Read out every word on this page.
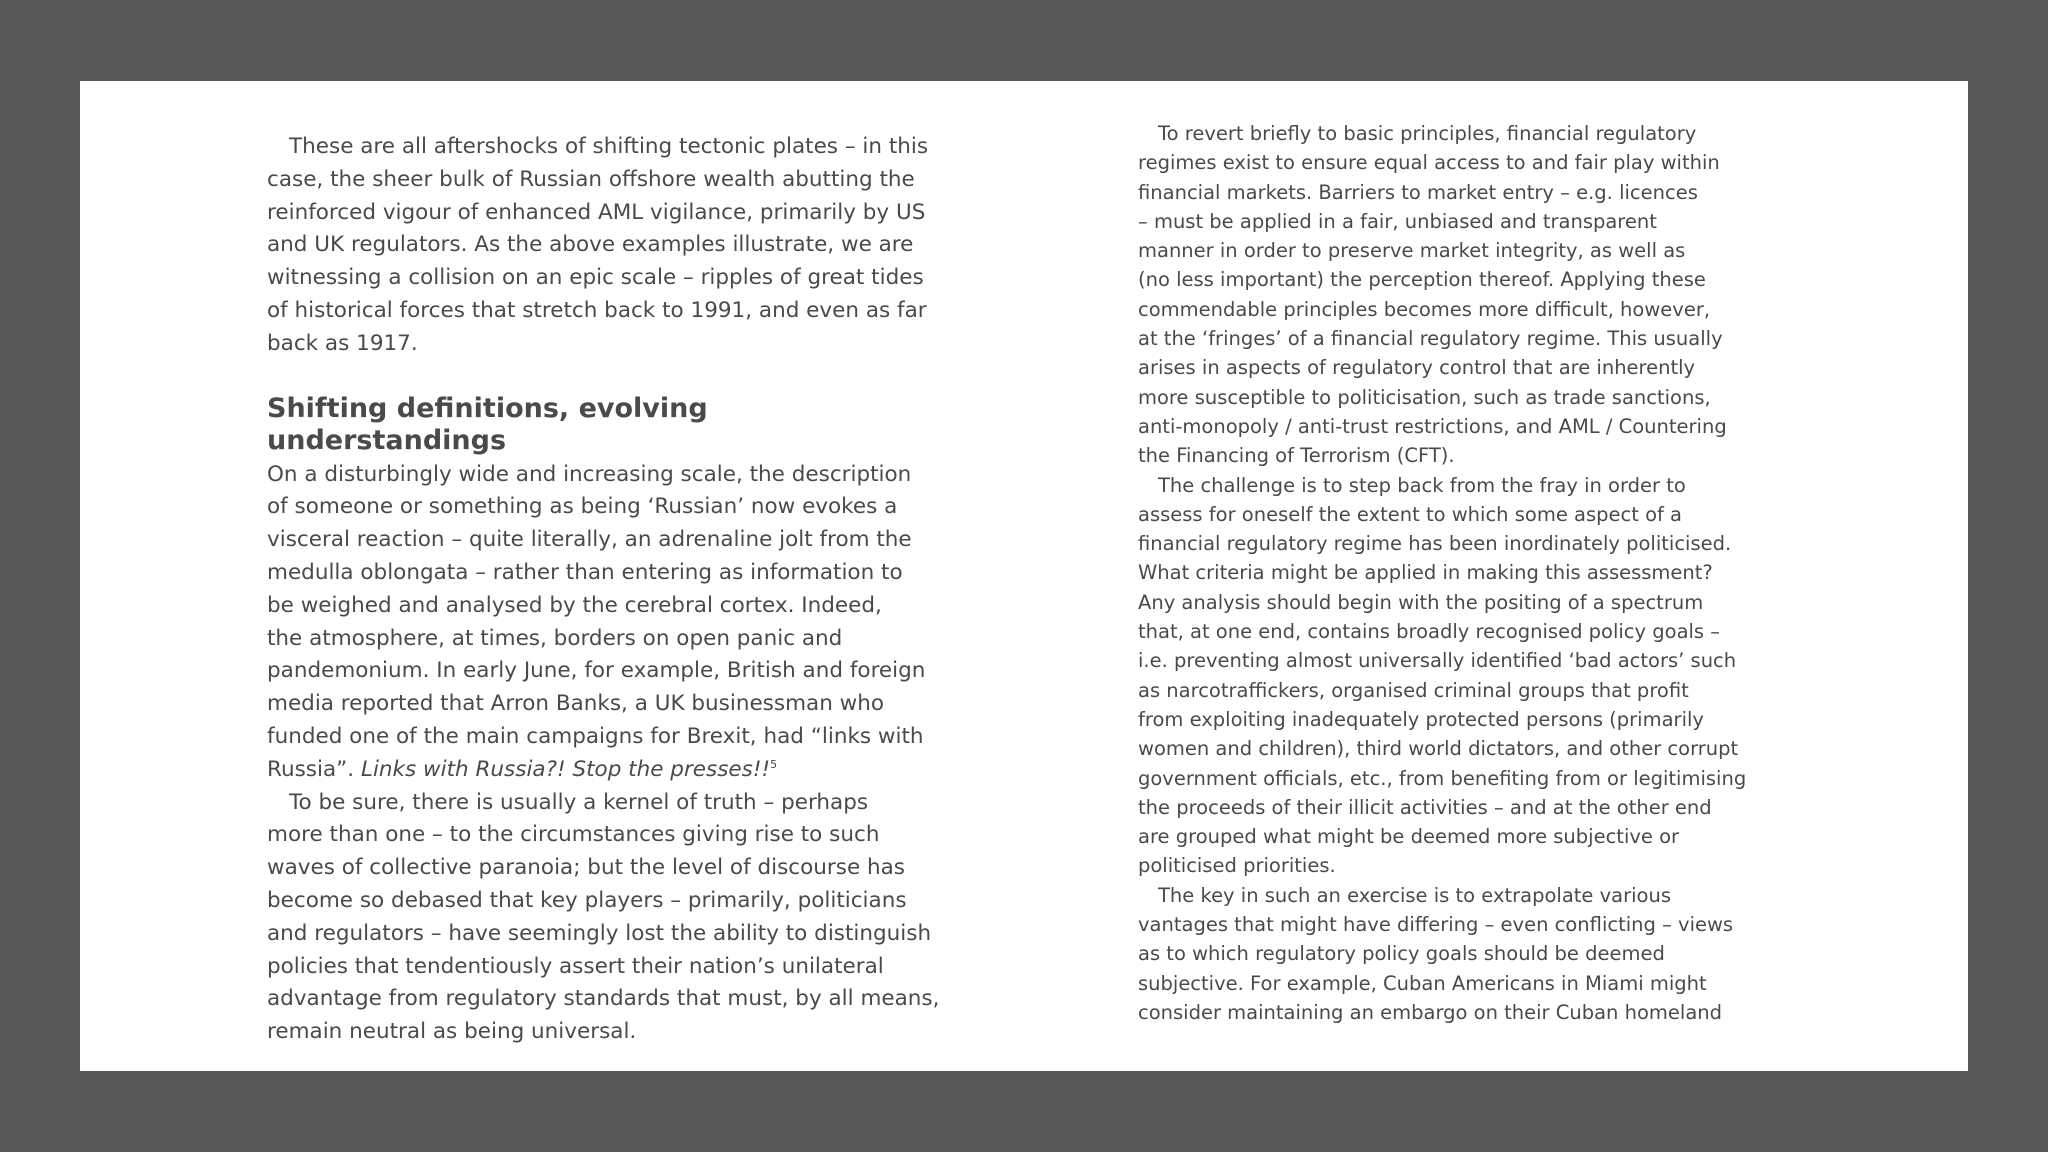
These are all aftershocks of shifting tectonic plates – in this
case, the sheer bulk of Russian offshore wealth abutting the
reinforced vigour of enhanced AML vigilance, primarily by US
and UK regulators. As the above examples illustrate, we are
witnessing a collision on an epic scale – ripples of great tides
of historical forces that stretch back to 1991, and even as far
back as 1917.
Shifting definitions, evolving
understandings
On a disturbingly wide and increasing scale, the description
of someone or something as being ‘Russian’ now evokes a
visceral reaction – quite literally, an adrenaline jolt from the
medulla oblongata – rather than entering as information to
be weighed and analysed by the cerebral cortex. Indeed,
the atmosphere, at times, borders on open panic and
pandemonium. In early June, for example, British and foreign
media reported that Arron Banks, a UK businessman who
funded one of the main campaigns for Brexit, had “links with
Russia”. Links with Russia?! Stop the presses!!$^5$
To be sure, there is usually a kernel of truth – perhaps
more than one – to the circumstances giving rise to such
waves of collective paranoia; but the level of discourse has
become so debased that key players – primarily, politicians
and regulators – have seemingly lost the ability to distinguish
policies that tendentiously assert their nation’s unilateral
advantage from regulatory standards that must, by all means,
remain neutral as being universal.
To revert briefly to basic principles, financial regulatory
regimes exist to ensure equal access to and fair play within
financial markets. Barriers to market entry – e.g. licences
– must be applied in a fair, unbiased and transparent
manner in order to preserve market integrity, as well as
(no less important) the perception thereof. Applying these
commendable principles becomes more difficult, however,
at the ‘fringes’ of a financial regulatory regime. This usually
arises in aspects of regulatory control that are inherently
more susceptible to politicisation, such as trade sanctions,
anti-monopoly / anti-trust restrictions, and AML / Countering
the Financing of Terrorism (CFT).
The challenge is to step back from the fray in order to
assess for oneself the extent to which some aspect of a
financial regulatory regime has been inordinately politicised.
What criteria might be applied in making this assessment?
Any analysis should begin with the positing of a spectrum
that, at one end, contains broadly recognised policy goals –
i.e. preventing almost universally identified ‘bad actors’ such
as narcotraffickers, organised criminal groups that profit
from exploiting inadequately protected persons (primarily
women and children), third world dictators, and other corrupt
government officials, etc., from benefiting from or legitimising
the proceeds of their illicit activities – and at the other end
are grouped what might be deemed more subjective or
politicised priorities.
The key in such an exercise is to extrapolate various
vantages that might have differing – even conflicting – views
as to which regulatory policy goals should be deemed
subjective. For example, Cuban Americans in Miami might
consider maintaining an embargo on their Cuban homeland
